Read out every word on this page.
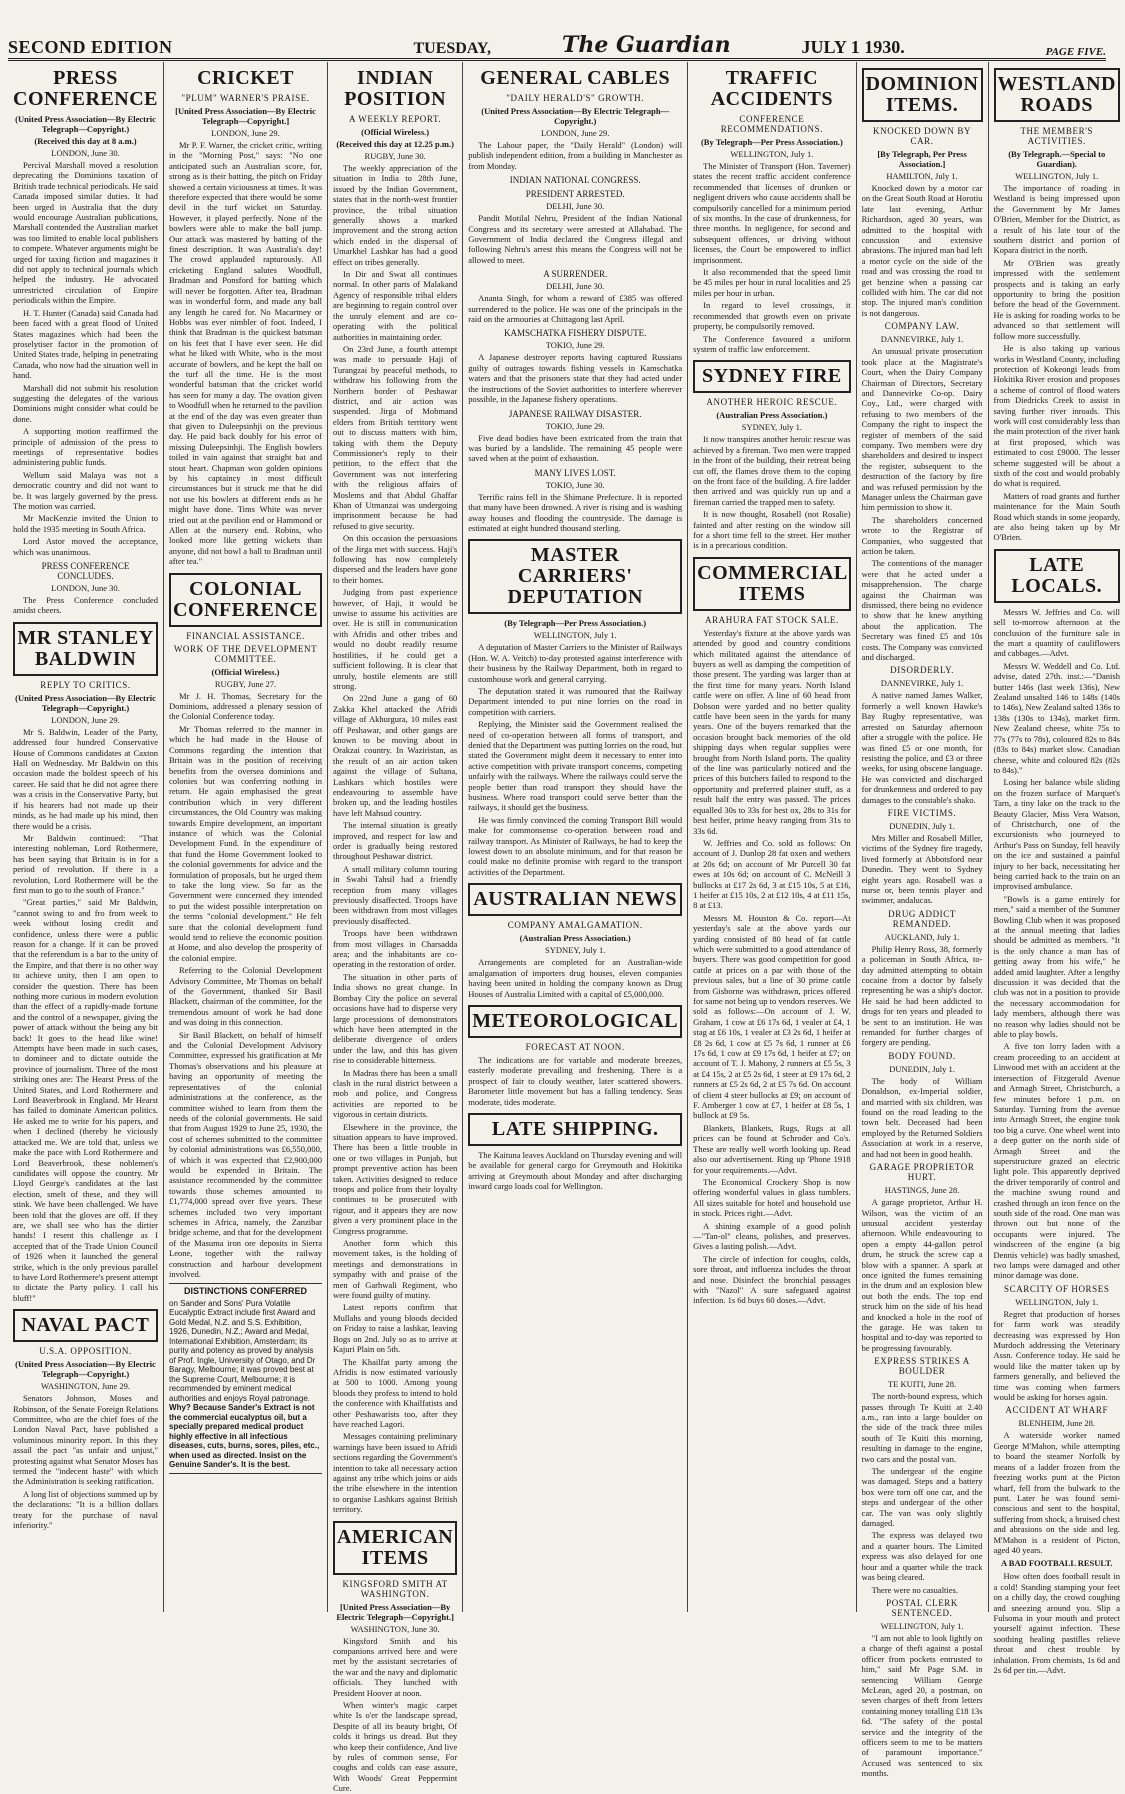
SECOND EDITION	TUESDAY,	The Guardian	JULY 1 1930.	PAGE FIVE.
PRESS CONFERENCE
(United Press Association—By Electric Telegraph—Copyright.)
(Received this day at 8 a.m.)
LONDON, June 30.
Percival Marshall moved a resolution deprecating the Dominions taxation of British trade technical periodicals. He said Canada imposed similar duties. It had been urged in Australia that the duty would encourage Australian publications, Marshall contended the Australian market was too limited to enable local publishers to compete. Whatever arguments might be urged for taxing fiction and magazines it did not apply to technical journals which helped the industry. He advocated unrestricted circulation of Empire periodicals within the Empire.
H. T. Hunter (Canada) said Canada had been faced with a great flood of United States magazines which had been the proselytiser factor in the promotion of United States trade, helping in penetrating Canada, who now had the situation well in hand.
Marshall did not submit his resolution suggesting the delegates of the various Dominions might consider what could be done.
A supporting motion reaffirmed the principle of admission of the press to meetings of representative bodies administering public funds.
Wellum said Malaya was not a democratic country and did not want to be. It was largely governed by the press. The motion was carried.
Mr MacKenzie invited the Union to hold the 1935 meeting in South Africa.
Lord Astor moved the acceptance, which was unanimous.
PRESS CONFERENCE CONCLUDES.
LONDON, June 30.
The Press Conference concluded amidst cheers.
MR STANLEY BALDWIN
REPLY TO CRITICS.
(United Press Association—By Electric Telegraph—Copyright.)
LONDON, June 29.
Mr S. Baldwin, Leader of the Party, addressed four hundred Conservative House of Commons candidates at Caxton Hall on Wednesday. Mr Baldwin on this occasion made the boldest speech of his career. He said that he did not agree there was a crisis in the Conservative Party, but if his hearers had not made up their minds, as he had made up his mind, then there would be a crisis.
Mr Baldwin continued: "That interesting nobleman, Lord Rothermere, has been saying that Britain is in for a period of revolution. If there is a revolution, Lord Rothermere will be the first man to go to the south of France."
"Great parties," said Mr Baldwin, "cannot swing to and fro from week to week without losing credit and confidence, unless there were a public reason for a change. If it can be proved that the referendum is a bar to the unity of the Empire, and that there is no other way to achieve unity, then I am open to consider the question. There has been nothing more curious in modern evolution than the effect of a rapidly-made fortune and the control of a newspaper, giving the power of attack without the being any bit back! It goes to the head like wine! Attempts have been made in such cases, to domineer and to dictate outside the province of journalism. Three of the most striking ones are: The Hearst Press of the United States, and Lord Rothermere and Lord Beaverbrook in England. Mr Hearst has failed to dominate American politics. He asked me to write for his papers, and when I declined (thereby he viciously attacked me. We are told that, unless we make the pace with Lord Rothermere and Lord Beaverbrook, these noblemen's candidates will oppose the country. Mr Lloyd George's candidates at the last election, smelt of these, and they will stink. We have been challenged. We have been told that the gloves are off. If they are, we shall see who has the dirtier hands! I resent this challenge as I accepted that of the Trade Union Council of 1926 when it launched the general strike, which is the only previous parallel to have Lord Rothermere's present attempt to dictate the Party policy. I call his bluff!"
NAVAL PACT
U.S.A. OPPOSITION.
(United Press Association—By Electric Telegraph—Copyright.)
WASHINGTON, June 29.
Senators Johnson, Moses and Robinson, of the Senate Foreign Relations Committee, who are the chief foes of the London Naval Pact, have published a voluminous minority report. In this they assail the pact "as unfair and unjust," protesting against what Senator Moses has termed the "indecent haste" with which the Administration is seeking ratification.
A long list of objections summed up by the declarations: "It is a billion dollars treaty for the purchase of naval inferiority."
CRICKET
"PLUM" WARNER'S PRAISE.
[United Press Association—By Electric Telegraph—Copyright.]
LONDON, June 29.
Mr P. F. Warner, the cricket critic, writing in the "Morning Post," says: "No one anticipated such an Australian score, for, strong as is their batting, the pitch on Friday showed a certain viciousness at times. It was therefore expected that there would be some devil in the turf wicket on Saturday. However, it played perfectly. None of the bowlers were able to make the ball jump. Our attack was mastered by batting of the finest description. It was Australia's day! The crowd applauded rapturously. All cricketing England salutes Woodfull, Bradman and Ponsford for batting which will never be forgotten. After tea, Bradman was in wonderful form, and made any ball any length he cared for. No Macartney or Hobbs was ever nimbler of foot. Indeed, I think that Bradman is the quickest batsman on his feet that I have ever seen. He did what he liked with White, who is the most accurate of bowlers, and he kept the ball on the turf all the time. He is the most wonderful batsman that the cricket world has seen for many a day. The ovation given to Woodfull when he returned to the pavilion at the end of the day was even greater than that given to Duleepsinhji on the previous day. He paid back doubly for his error of missing Duleepsinhji. The English bowlers toiled in vain against that straight bat and stout heart. Chapman won golden opinions by his captaincy in most difficult circumstances but it struck me that he did not use his bowlers at different ends as he might have done. Tims White was never tried out at the pavilion end or Hammond or Allen at the nursery end. Robins, who looked more like getting wickets than anyone, did not bowl a ball to Bradman until after tea."
COLONIAL CONFERENCE
FINANCIAL ASSISTANCE.
WORK OF THE DEVELOPMENT COMMITTEE.
(Official Wireless.)
RUGBY, June 27.
Mr J. H. Thomas, Secretary for the Dominions, addressed a plenary session of the Colonial Conference today.
Mr Thomas referred to the manner in which he had made in the House of Commons regarding the intention that Britain was in the position of receiving benefits from the oversea dominions and colonies but was conferring nothing in return. He again emphasised the great contribution which in very different circumstances, the Old Country was making towards Empire development, an important instance of which was the Colonial Development Fund. In the expenditure of that fund the Home Government looked to the colonial governments for advice and the formulation of proposals, but he urged them to take the long view. So far as the Government were concerned they intended to put the widest possible interpretation on the terms "colonial development." He felt sure that the colonial development fund would tend to relieve the economic position at Home, and also develop the prosperity of the colonial empire.
Referring to the Colonial Development Advisory Committee, Mr Thomas on behalf of the Government, thanked Sir Basil Blackett, chairman of the committee, for the tremendous amount of work he had done and was doing in this connection.
Sir Basil Blackett, on behalf of himself and the Colonial Development Advisory Committee, expressed his gratification at Mr Thomas's observations and his pleasure at having an opportunity of meeting the representatives of the colonial administrations at the conference, as the committee wished to learn from them the needs of the colonial governments. He said that from August 1929 to June 25, 1930, the cost of schemes submitted to the committee by colonial administrations was £6,550,000, of which it was expected that £2,900,000 would be expended in Britain. The assistance recommended by the committee towards those schemes amounted to £1,774,000 spread over five years. These schemes included two very important schemes in Africa, namely, the Zanzibar bridge scheme, and that for the development of the Masuma iron ore deposits in Sierra Leone, together with the railway construction and harbour development involved.
DISTINCTIONS CONFERRED
on Sander and Sons' Pura Volatile Eucalyptic Extract include first Award and Gold Medal, N.Z. and S.S. Exhibition, 1926, Dunedin, N.Z.; Award and Medal, International Exhibition, Amsterdam; its purity and potency as proved by analysis of Prof. Ingle, University of Otago, and Dr Baragy, Melbourne; it was proved best at the Supreme Court, Melbourne; it is recommended by eminent medical authorities and enjoys Royal patronage.
Why? Because Sander's Extract is not the commercial eucalyptus oil, but a specially prepared medical product highly effective in all infectious diseases, cuts, burns, sores, piles, etc., when used as directed. Insist on the Genuine Sander's. It is the best.
INDIAN POSITION
A WEEKLY REPORT.
(Official Wireless.)
(Received this day at 12.25 p.m.)
RUGBY, June 30.
The weekly appreciation of the situation in India to 28th June, issued by the Indian Government, states that in the north-west frontier province, the tribal situation generally shows a marked improvement and the strong action which ended in the dispersal of Umarkhel Lashkar has had a good effect on tribes generally.
In Dir and Swat all continues normal. In other parts of Malakand Agency of responsible tribal elders are beginning to regain control over the unruly element and are co-operating with the political authorities in maintaining order.
On 23rd June, a fourth attempt was made to persuade Haji of Turangzai by peaceful methods, to withdraw his following from the Northern border of Peshawar district, and air action was suspended. Jirga of Mohmand elders from British territory went out to discuss matters with him, taking with them the Deputy Commissioner's reply to their petition, to the effect that the Government was not interfering with the religious affairs of Moslems and that Abdul Ghaffar Khan of Utmanzai was undergoing imprisonment because he had refused to give security.
On this occasion the persuasions of the Jirga met with success. Haji's following has now completely dispersed and the leaders have gone to their homes.
Judging from past experience however, of Haji, it would be unwise to assume his activities are over. He is still in communication with Afridis and other tribes and would no doubt readily resume hostilities, if he could get a sufficient following. It is clear that unruly, hostile elements are still strong.
On 22nd June a gang of 60 Zakka Khel attacked the Afridi village of Akhurgura, 10 miles east off Peshawar, and other gangs are known to be moving about in Orakzai country. In Waziristan, as the result of an air action taken against the village of Sultana, Lashkars which hostiles were endeavouring to assemble have broken up, and the leading hostiles have left Mahsud country.
The internal situation is greatly improved, and respect for law and order is gradually being restored throughout Peshawar district.
A small military column touring in Swabi Tahsil had a friendly reception from many villages previously disaffected. Troops have been withdrawn from most villages previously disaffected.
Troops have been withdrawn from most villages in Charsadda area; and the inhabitants are co-operating in the restoration of order.
The situation in other parts of India shows no great change. In Bombay City the police on several occasions have had to disperse very large processions of demonstrators which have been attempted in the deliberate divergence of orders under the law, and this has given rise to considerable bitterness.
In Madras there has been a small clash in the rural district between a mob and police, and Congress activities are reported to be vigorous in certain districts.
Elsewhere in the province, the situation appears to have improved. There has been a little trouble in one or two villages in Punjab, but prompt preventive action has been taken. Activities designed to reduce troops and police from their loyalty continues to be prosecuted with rigour, and it appears they are now given a very prominent place in the Congress programme.
Another form which this movement takes, is the holding of meetings and demonstrations in sympathy with and praise of the men of Garhwali Regiment, who were found guilty of mutiny.
Latest reports confirm that Mullahs and young bloods decided on Friday to raise a lashkar, leaving Bogs on 2nd. July so as to arrive at Kajuri Plain on 5th.
The Khailfat party among the Afridis is now estimated variously at 500 to 1000. Among young bloods they profess to intend to hold the conference with Khailfatists and other Peshawarists too, after they have reached Lagori.
Messages containing preliminary warnings have been issued to Afridi sections regarding the Government's intention to take all necessary action against any tribe which joins or aids the tribe elsewhere in the intention to organise Lashkars against British territory.
AMERICAN ITEMS
KINGSFORD SMITH AT WASHINGTON.
[United Press Association—By Electric Telegraph—Copyright.]
WASHINGTON, June 30.
Kingsford Smith and his companions arrived here and were met by the assistant secretaries of the war and the navy and diplomatic officials. They lunched with President Hoover at noon.
When winter's magic carpet white Is o'er the landscape spread, Despite of all its beauty bright, Of colds it brings us dread. But they who keep their confidence, And live by rules of common sense, For coughs and colds can ease assure, With Woods' Great Peppermint Cure.
GENERAL CABLES
"DAILY HERALD'S" GROWTH.
(United Press Association—By Electric Telegraph—Copyright.)
LONDON, June 29.
The Labour paper, the "Daily Herald" (London) will publish independent edition, from a building in Manchester as from Monday.
INDIAN NATIONAL CONGRESS.
PRESIDENT ARRESTED.
DELHI, June 30.
Pandit Motilal Nehru, President of the Indian National Congress and its secretary were arrested at Allahabad. The Government of India declared the Congress illegal and following Nehru's arrest this means the Congress will not be allowed to meet.
A SURRENDER.
DELHI, June 30.
Ananta Singh, for whom a reward of £385 was offered surrendered to the police. He was one of the principals in the raid on the armouries at Chittagong last April.
KAMSCHATKA FISHERY DISPUTE.
TOKIO, June 29.
A Japanese destroyer reports having captured Russians guilty of outrages towards fishing vessels in Kamschatka waters and that the prisoners state that they had acted under the instructions of the Soviet authorities to interfere wherever possible, in the Japanese fishery operations.
JAPANESE RAILWAY DISASTER.
TOKIO, June 29.
Five dead bodies have been extricated from the train that was buried by a landslide. The remaining 45 people were saved when at the point of exhaustion.
MANY LIVES LOST.
TOKIO, June 30.
Terrific rains fell in the Shimane Prefecture. It is reported that many have been drowned. A river is rising and is washing away houses and flooding the countryside. The damage is estimated at eight hundred thousand sterling.
MASTER CARRIERS' DEPUTATION
(By Telegraph—Per Press Association.)
WELLINGTON, July 1.
A deputation of Master Carriers to the Minister of Railways (Hon. W. A. Veitch) to-day protested against interference with their business by the Railway Department, both in regard to customhouse work and general carrying.
The deputation stated it was rumoured that the Railway Department intended to put nine lorries on the road in competition with carriers.
Replying, the Minister said the Government realised the need of co-operation between all forms of transport, and denied that the Department was putting lorries on the road, but stated the Government might deem it necessary to enter into active competition with private transport concerns, competing unfairly with the railways. Where the railways could serve the people better than road transport they should have the business. Where road transport could serve better than the railways, it should get the business.
He was firmly convinced the coming Transport Bill would make for commonsense co-operation between road and railway transport. As Minister of Railways, he had to keep the lowest down to an absolute minimum, and for that reason he could make no definite promise with regard to the transport activities of the Department.
AUSTRALIAN NEWS
COMPANY AMALGAMATION.
(Australian Press Association.)
SYDNEY, July 1.
Arrangements are completed for an Australian-wide amalgamation of importers drug houses, eleven companies having been united in holding the company known as Drug Houses of Australia Limited with a capital of £5,000,000.
METEOROLOGICAL
FORECAST AT NOON.
The indications are for variable and moderate breezes, easterly moderate prevailing and freshening. There is a prospect of fair to cloudy weather, later scattered showers. Barometer little movement but has a falling tendency. Seas moderate, tides moderate.
LATE SHIPPING.
The Kaituna leaves Auckland on Thursday evening and will be available for general cargo for Greymouth and Hokitika arriving at Greymouth about Monday and after discharging inward cargo loads coal for Wellington.
TRAFFIC ACCIDENTS
CONFERENCE RECOMMENDATIONS.
(By Telegraph—Per Press Association.)
WELLINGTON, July 1.
The Minister of Transport (Hon. Taverner) states the recent traffic accident conference recommended that licenses of drunken or negligent drivers who cause accidents shall be compulsorily cancelled for a minimum period of six months. In the case of drunkenness, for three months. In negligence, for second and subsequent offences, or driving without licenses, the Court be empowered to inflict imprisonment.
It also recommended that the speed limit be 45 miles per hour in rural localities and 25 miles per hour in urban.
In regard to level crossings, it recommended that growth even on private property, be compulsorily removed.
The Conference favoured a uniform system of traffic law enforcement.
SYDNEY FIRE
ANOTHER HEROIC RESCUE.
(Australian Press Association.)
SYDNEY, July 1.
It now transpires another heroic rescue was achieved by a fireman. Two men were trapped in the front of the building, their retreat being cut off, the flames drove them to the coping on the front face of the building. A fire ladder then arrived and was quickly run up and a fireman carried the trapped men to safety.
It is now thought, Rosabell (not Rosalie) fainted and after resting on the window sill for a short time fell to the street. Her mother is in a precarious condition.
COMMERCIAL ITEMS
ARAHURA FAT STOCK SALE.
Yesterday's fixture at the above yards was attended by good and country conditions which militated against the attendance of buyers as well as damping the competition of those present. The yarding was larger than at the first time for many years. North Island cattle were on offer. A line of 60 head from Dobson were yarded and no better quality cattle have been seen in the yards for many years. One of the buyers remarked that the occasion brought back memories of the old shipping days when regular supplies were brought from North Island ports. The quality of the line was particularly noticed and the prices of this butchers failed to respond to the opportunity and preferred plainer stuff, as a result half the entry was passed. The prices equalled 30s to 33s for best ox, 28s to 31s for best heifer, prime heavy ranging from 31s to 33s 6d.
W. Jeffries and Co. sold as follows: On account of J. Dunlop 28 fat oxen and wethers at 20s 6d; on account of Mr Purcell 30 fat ewes at 10s 6d; on account of C. McNeill 3 bullocks at £17 2s 6d, 3 at £15 10s, 5 at £16, 1 heifer at £15 10s, 2 at £12 10s, 4 at £11 15s, 8 at £13.
Messrs M. Houston & Co. report—At yesterday's sale at the above yards our yarding consisted of 80 head of fat cattle which were submitted to a good attendance of buyers. There was good competition for good cattle at prices on a par with those of the previous sales, but a line of 30 prime cattle from Gisborne was withdrawn, prices offered for same not being up to vendors reserves. We sold as follows:—On account of J. W. Graham, 1 cow at £6 17s 6d, 1 vealer at £4, 1 stag at £6 10s, 1 vealer at £3 2s 6d, 1 heifer at £8 2s 6d, 1 cow at £5 7s 6d, 1 runner at £6 17s 6d, 1 cow at £9 17s 6d, 1 heifer at £7; on account of T. J. Mahony, 2 runners at £5 5s, 3 at £4 15s, 2 at £5 2s 6d, 1 steer at £9 17s 6d, 2 runners at £5 2s 6d, 2 at £5 7s 6d. On account of client 4 steer bullocks at £9; on account of F. Amberger 1 cow at £7, 1 heifer at £8 5s, 1 bullock at £9 5s.
Blankets, Blankets, Rugs, Rugs at all prices can be found at Schroder and Co's. These are really well worth looking up. Read also our advertisement. Ring up 'Phone 1918 for your requirements.—Advt.
The Economical Crockery Shop is now offering wonderful values in glass tumblers. All sizes suitable for hotel and household use in stock. Prices right.—Advt.
A shining example of a good polish—"Tan-ol" cleans, polishes, and preserves. Gives a lasting polish.—Advt.
The circle of infection for coughs, colds, sore throat, and influenza includes the throat and nose. Disinfect the bronchial passages with "Nazol" A sure safeguard against infection. 1s 6d buys 60 doses.—Advt.
DOMINION ITEMS.
KNOCKED DOWN BY CAR.
[By Telegraph, Per Press Association.]
HAMILTON, July 1.
Knocked down by a motor car on the Great South Road at Horotiu late last evening, Arthur Richardson, aged 30 years, was admitted to the hospital with concussion and extensive abrasions. The injured man had left a motor cycle on the side of the road and was crossing the road to get benzine when a passing car collided with him. The car did not stop. The injured man's condition is not dangerous.
COMPANY LAW.
DANNEVIRKE, July 1.
An unusual private prosecution took place at the Magistrate's Court, when the Dairy Company Chairman of Directors, Secretary and Dannevirke Co-op. Dairy Coy., Ltd., were charged with refusing to two members of the Company the right to inspect the register of members of the said company. Two members were dry shareholders and desired to inspect the register, subsequent to the destruction of the factory by fire and was refused permission by the Manager unless the Chairman gave him permission to show it.
The shareholders concerned wrote to the Registrar of Companies, who suggested that action be taken.
The contentions of the manager were that he acted under a misapprehension. The charge against the Chairman was dismissed, there being no evidence to show that he knew anything about the application. The Secretary was fined £5 and 10s costs. The Company was convicted and discharged.
DISORDERLY.
DANNEVIRKE, July 1.
A native named James Walker, formerly a well known Hawke's Bay Rugby representative, was arrested on Saturday afternoon after a struggle with the police. He was fined £5 or one month, for resisting the police, and £3 or three weeks, for using obscene language. He was convicted and discharged for drunkenness and ordered to pay damages to the constable's shako.
FIRE VICTIMS.
DUNEDIN, July 1.
Mrs Miller and Rosabell Miller, victims of the Sydney fire tragedy, lived formerly at Abbotsford near Dunedin. They went to Sydney eight years ago. Rosabell was a nurse or, been tennis player and swimmer, andalucas.
DRUG ADDICT REMANDED.
AUCKLAND, July 1.
Philip Henry Ross, 38, formerly a policeman in South Africa, to-day admitted attempting to obtain cocaine from a doctor by falsely representing he was a ship's doctor. He said he had been addicted to drugs for ten years and pleaded to be sent to an institution. He was remanded for further charges of forgery are pending.
BODY FOUND.
DUNEDIN, July 1.
The body of William Donaldson, ex-Imperial soldier, and married with six children, was found on the road leading to the town belt. Deceased had been employed by the Returned Soldiers Association at work in a reserve, and had not been in good health.
GARAGE PROPRIETOR HURT.
HASTINGS, June 28.
A garage proprietor, Arthur H. Wilson, was the victim of an unusual accident yesterday afternoon. While endeavouring to open a empty 44-gallon petrol drum, he struck the screw cap a blow with a spanner. A spark at once ignited the fumes remaining in the drum and an explosion blew out both the ends. The top end struck him on the side of his head and knocked a hole in the roof of the garage. He was taken to hospital and to-day was reported to be progressing favourably.
EXPRESS STRIKES A BOULDER
TE KUITI, June 28.
The north-bound express, which passes through Te Kuiti at 2.40 a.m., ran into a large boulder on the side of the track three miles south of Te Kuiti this morning, resulting in damage to the engine, two cars and the postal van.
The undergear of the engine was damaged. Steps and a battery box were torn off one car, and the steps and undergear of the other car. The van was only slightly damaged.
The express was delayed two and a quarter hours. The Limited express was also delayed for one hour and a quarter while the track was being cleared.
There were no casualties.
POSTAL CLERK SENTENCED.
WELLINGTON, July 1.
"I am not able to look lightly on a charge of theft against a postal officer from pockets entrusted to him," said Mr Page S.M. in sentencing William George McLean, aged 20, a postman, on seven charges of theft from letters containing money totalling £18 13s 6d. "The safety of the postal service and the integrity of the officers seem to me to be matters of paramount importance." Accused was sentenced to six months.
WESTLAND ROADS
THE MEMBER'S ACTIVITIES.
(By Telegraph.—Special to Guardian).
WELLINGTON, July 1.
The importance of roading in Westland is being impressed upon the Government by Mr James O'Brien, Member for the District, as a result of his late tour of the southern district and portion of Kopara district in the north.
Mr O'Brien was greatly impressed with the settlement prospects and is taking an early opportunity to bring the position before the head of the Government. He is asking for roading works to be advanced so that settlement will follow more successfully.
He is also taking up various works in Westland County, including protection of Kokeongi leads from Hokitika River erosion and proposes a scheme of control of flood waters from Diedricks Creek to assist in saving further river inroads. This work will cost considerably less than the main protection of the river bank at first proposed, which was estimated to cost £9000. The lesser scheme suggested will be about a sixth of the cost and would probably do what is required.
Matters of road grants and further maintenance for the Main South Road which stands in some jeopardy, are also being taken up by Mr O'Brien.
LATE LOCALS.
Messrs W. Jeffries and Co. will sell to-morrow afternoon at the conclusion of the furniture sale in the mart a quantity of cauliflowers and cabbages.—Advt.
Messrs W. Weddell and Co. Ltd. advise, dated 27th. inst.:—"Danish butter 146s (last week 136s), New Zealand unsalted 146 to 148s (140s to 146s), New Zealand salted 136s to 138s (130s to 134s), market firm. New Zealand cheese, white 75s to 77s (77s to 78s), coloured 82s to 84s (83s to 84s) market slow. Canadian cheese, white and coloured 82s (82s to 84s)."
Losing her balance while sliding on the frozen surface of Marquet's Tarn, a tiny lake on the track to the Beauty Glacier, Miss Vera Watson, of Christchurch, one of the excursionists who journeyed to Arthur's Pass on Sunday, fell heavily on the ice and sustained a painful injury to her back, necessitating her being carried back to the train on an improvised ambulance.
"Bowls is a game entirely for men," said a member of the Summer Bowling Club when it was proposed at the annual meeting that ladies should be admitted as members. "It is the only chance a man has of getting away from his wife," he added amid laughter. After a lengthy discussion it was decided that the club was not in a position to provide the necessary accommodation for lady members, although there was no reason why ladies should not be able to play bowls.
A five ton lorry laden with a cream proceeding to an accident at Linwood met with an accident at the intersection of Fitzgerald Avenue and Armagh Street, Christchurch, a few minutes before 1 p.m. on Saturday. Turning from the avenue into Armagh Street, the engine took too big a curve. One wheel went into a deep gutter on the north side of Armagh Street and the superstructure grazed an electric light pole. This apparently deprived the driver temporarily of control and the machine swung round and crashed through an iron fence on the south side of the road. One man was thrown out but none of the occupants were injured. The windscreen of the engine (a big Dennis vehicle) was badly smashed, two lamps were damaged and other minor damage was done.
SCARCITY OF HORSES
WELLINGTON, July 1.
Regret that production of horses for farm work was steadily decreasing was expressed by Hon Murdoch addressing the Veterinary Assn. Conference today. He said he would like the matter taken up by farmers generally, and believed the time was coming when farmers would be asking for horses again.
ACCIDENT AT WHARF
BLENHEIM, June 28.
A waterside worker named George M'Mahon, while attempting to board the steamer Norfolk by means of a ladder frozen from the freezing works punt at the Picton wharf, fell from the bulwark to the punt. Later he was found semi-conscious and sent to the hospital, suffering from shock, a bruised chest and abrasions on the side and leg. M'Mahon is a resident of Picton, aged 40 years.
A BAD FOOTBALL RESULT.
How often does football result in a cold! Standing stamping your feet on a chilly day, the crowd coughing and sneezing around you. Slip a Fulsoma in your mouth and protect yourself against infection. These soothing healing pastilles relieve throat and chest trouble by inhalation. From chemists, 1s 6d and 2s 6d per tin.—Advt.
